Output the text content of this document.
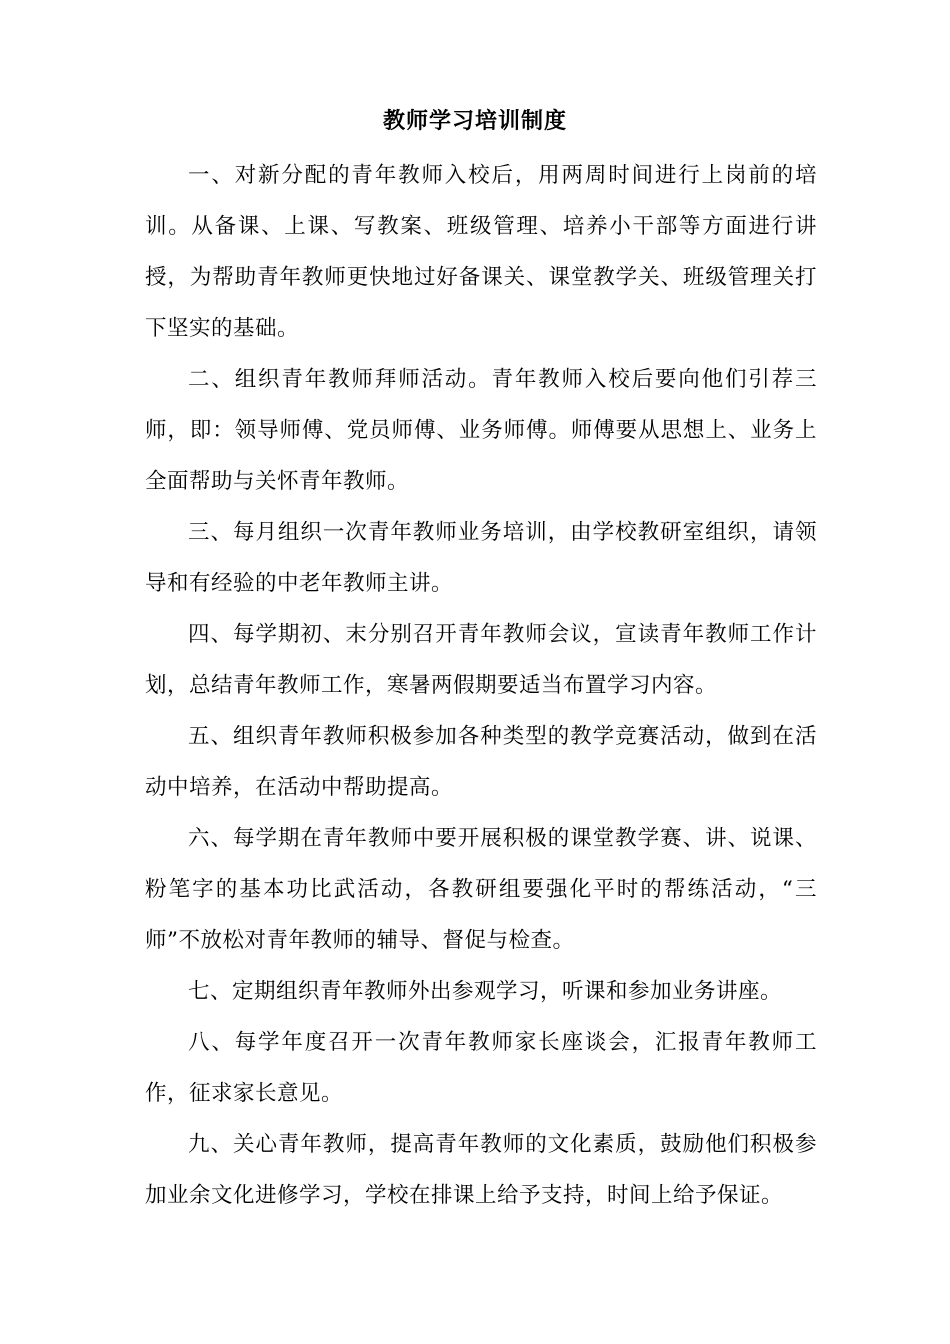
教师学习培训制度

一、对新分配的青年教师入校后，用两周时间进行上岗前的培训。从备课、上课、写教案、班级管理、培养小干部等方面进行讲授，为帮助青年教师更快地过好备课关、课堂教学关、班级管理关打下坚实的基础。

二、组织青年教师拜师活动。青年教师入校后要向他们引荐三师，即：领导师傅、党员师傅、业务师傅。师傅要从思想上、业务上全面帮助与关怀青年教师。

三、每月组织一次青年教师业务培训，由学校教研室组织，请领导和有经验的中老年教师主讲。

四、每学期初、末分别召开青年教师会议，宣读青年教师工作计划，总结青年教师工作，寒暑两假期要适当布置学习内容。

五、组织青年教师积极参加各种类型的教学竞赛活动，做到在活动中培养，在活动中帮助提高。

六、每学期在青年教师中要开展积极的课堂教学赛、讲、说课、粉笔字的基本功比武活动，各教研组要强化平时的帮练活动，“三师”不放松对青年教师的辅导、督促与检查。

七、定期组织青年教师外出参观学习，听课和参加业务讲座。

八、每学年度召开一次青年教师家长座谈会，汇报青年教师工作，征求家长意见。

九、关心青年教师，提高青年教师的文化素质，鼓励他们积极参加业余文化进修学习，学校在排课上给予支持，时间上给予保证。
